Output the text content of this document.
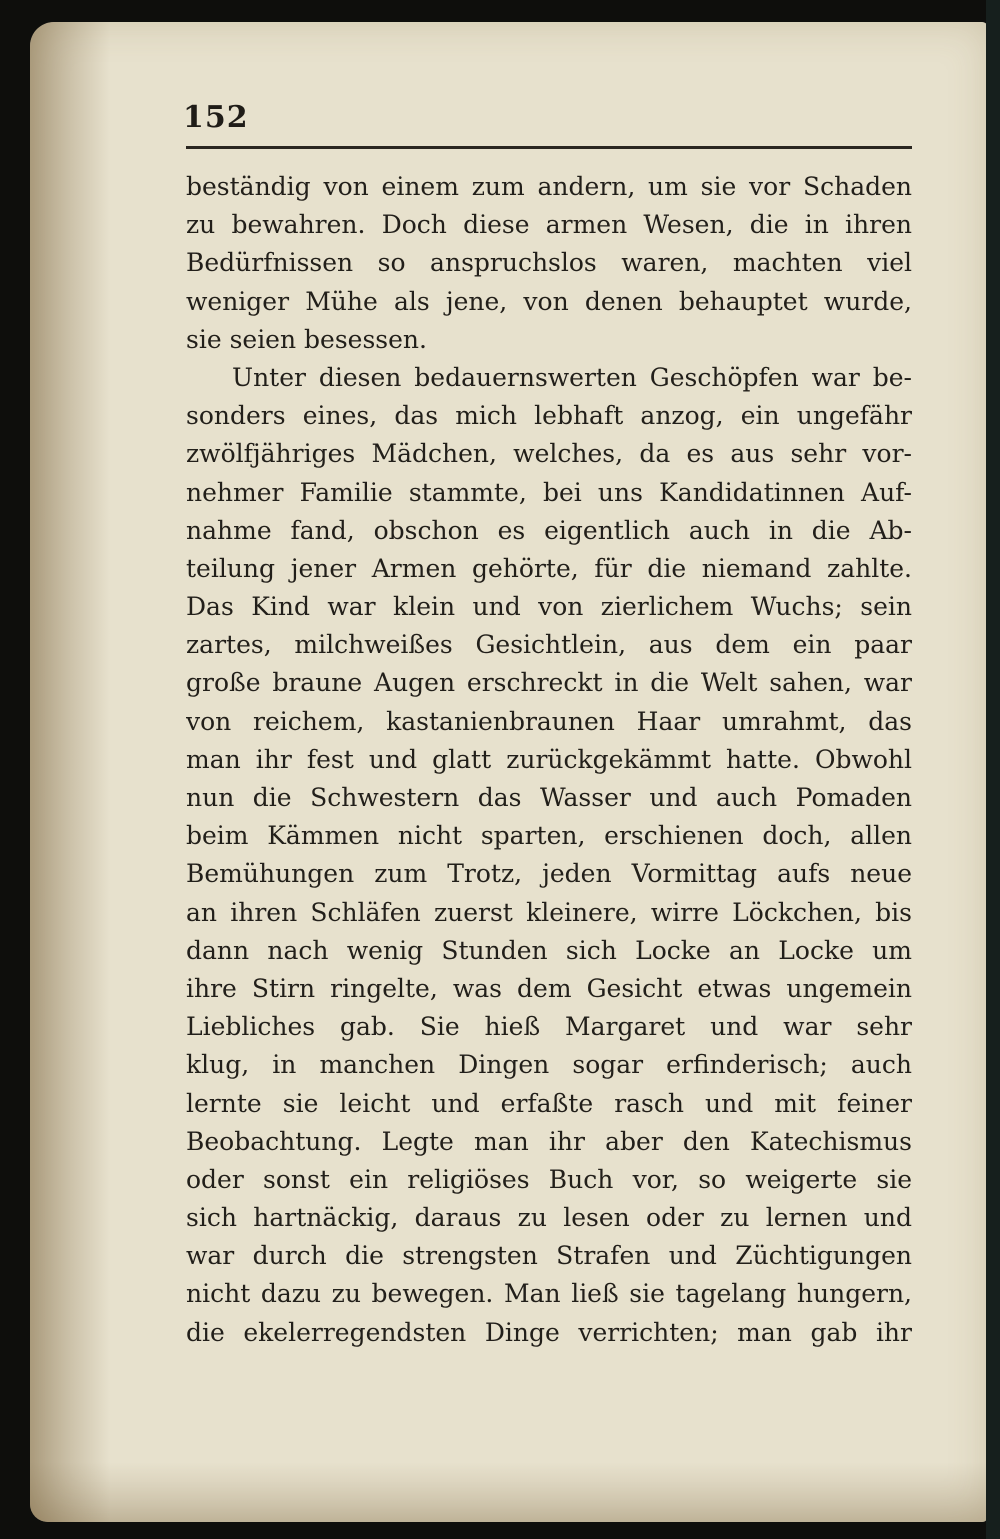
152

beständig von einem zum andern, um sie vor Schaden
zu bewahren. Doch diese armen Wesen, die in ihren
Bedürfnissen so anspruchslos waren, machten viel
weniger Mühe als jene, von denen behauptet wurde,
sie seien besessen.
Unter diesen bedauernswerten Geschöpfen war be-
sonders eines, das mich lebhaft anzog, ein ungefähr
zwölfjähriges Mädchen, welches, da es aus sehr vor-
nehmer Familie stammte, bei uns Kandidatinnen Auf-
nahme fand, obschon es eigentlich auch in die Ab-
teilung jener Armen gehörte, für die niemand zahlte.
Das Kind war klein und von zierlichem Wuchs; sein
zartes, milchweißes Gesichtlein, aus dem ein paar
große braune Augen erschreckt in die Welt sahen, war
von reichem, kastanienbraunen Haar umrahmt, das
man ihr fest und glatt zurückgekämmt hatte. Obwohl
nun die Schwestern das Wasser und auch Pomaden
beim Kämmen nicht sparten, erschienen doch, allen
Bemühungen zum Trotz, jeden Vormittag aufs neue
an ihren Schläfen zuerst kleinere, wirre Löckchen, bis
dann nach wenig Stunden sich Locke an Locke um
ihre Stirn ringelte, was dem Gesicht etwas ungemein
Liebliches gab. Sie hieß Margaret und war sehr
klug, in manchen Dingen sogar erfinderisch; auch
lernte sie leicht und erfaßte rasch und mit feiner
Beobachtung. Legte man ihr aber den Katechismus
oder sonst ein religiöses Buch vor, so weigerte sie
sich hartnäckig, daraus zu lesen oder zu lernen und
war durch die strengsten Strafen und Züchtigungen
nicht dazu zu bewegen. Man ließ sie tagelang hungern,
die ekelerregendsten Dinge verrichten; man gab ihr
